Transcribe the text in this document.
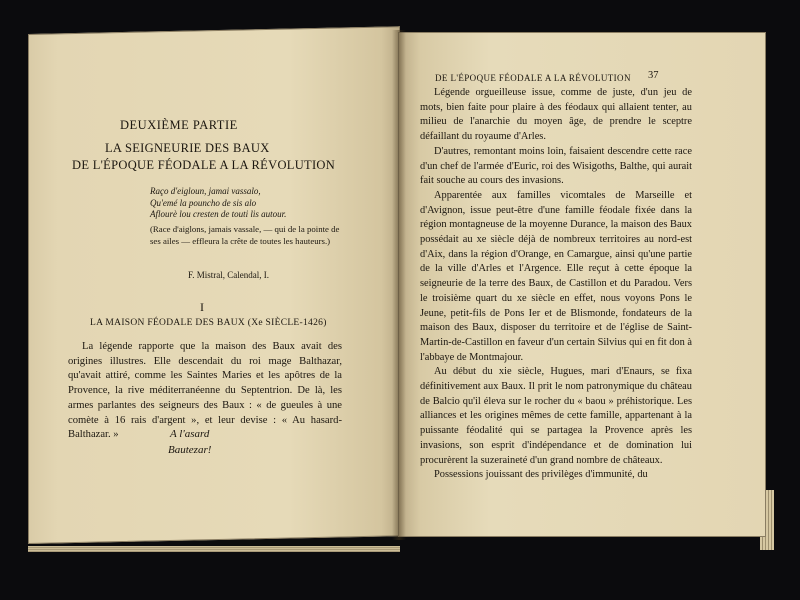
DEUXIÈME PARTIE
LA SEIGNEURIE DES BAUX
DE L'ÉPOQUE FÉODALE A LA RÉVOLUTION
Raço d'eigloun, jamai vassalo,
Qu'emé la pouncho de sis alo
Aflourè lou cresten de touti lis autour.
(Race d'aiglons, jamais vassale, — qui de la pointe de ses ailes — effleura la crête de toutes les hauteurs.)
F. Mistral, Calendal, I.
I
LA MAISON FÉODALE DES BAUX (Xe SIÈCLE-1426)

La légende rapporte que la maison des Baux avait des origines illustres. Elle descendait du roi mage Balthazar, qu'avait attiré, comme les Saintes Maries et les apôtres de la Provence, la rive méditerranéenne du Septentrion. De là, les armes parlantes des seigneurs des Baux : « de gueules à une comète à 16 rais d'argent », et leur devise : « Au hasard-Balthazar. »	A l'asard
Bautezar!
DE L'ÉPOQUE FÉODALE A LA RÉVOLUTION 37

Légende orgueilleuse issue, comme de juste, d'un jeu de mots, bien faite pour plaire à des féodaux qui allaient tenter, au milieu de l'anarchie du moyen âge, de prendre le sceptre défaillant du royaume d'Arles.

D'autres, remontant moins loin, faisaient descendre cette race d'un chef de l'armée d'Euric, roi des Wisigoths, Balthe, qui aurait fait souche au cours des invasions.

Apparentée aux familles vicomtales de Marseille et d'Avignon, issue peut-être d'une famille féodale fixée dans la région montagneuse de la moyenne Durance, la maison des Baux possédait au xe siècle déjà de nombreux territoires au nord-est d'Aix, dans la région d'Orange, en Camargue, ainsi qu'une partie de la ville d'Arles et l'Argence. Elle reçut à cette époque la seigneurie de la terre des Baux, de Castillon et du Paradou. Vers le troisième quart du xe siècle en effet, nous voyons Pons le Jeune, petit-fils de Pons Ier et de Blismonde, fondateurs de la maison des Baux, disposer du territoire et de l'église de Saint-Martin-de-Castillon en faveur d'un certain Silvius qui en fit don à l'abbaye de Montmajour.

Au début du xie siècle, Hugues, mari d'Enaurs, se fixa définitivement aux Baux. Il prit le nom patronymique du château de Balcio qu'il éleva sur le rocher du « baou » préhistorique. Les alliances et les origines mêmes de cette famille, appartenant à la puissante féodalité qui se partagea la Provence après les invasions, son esprit d'indépendance et de domination lui procurèrent la suzeraineté d'un grand nombre de châteaux.

Possessions jouissant des privilèges d'immunité, du
